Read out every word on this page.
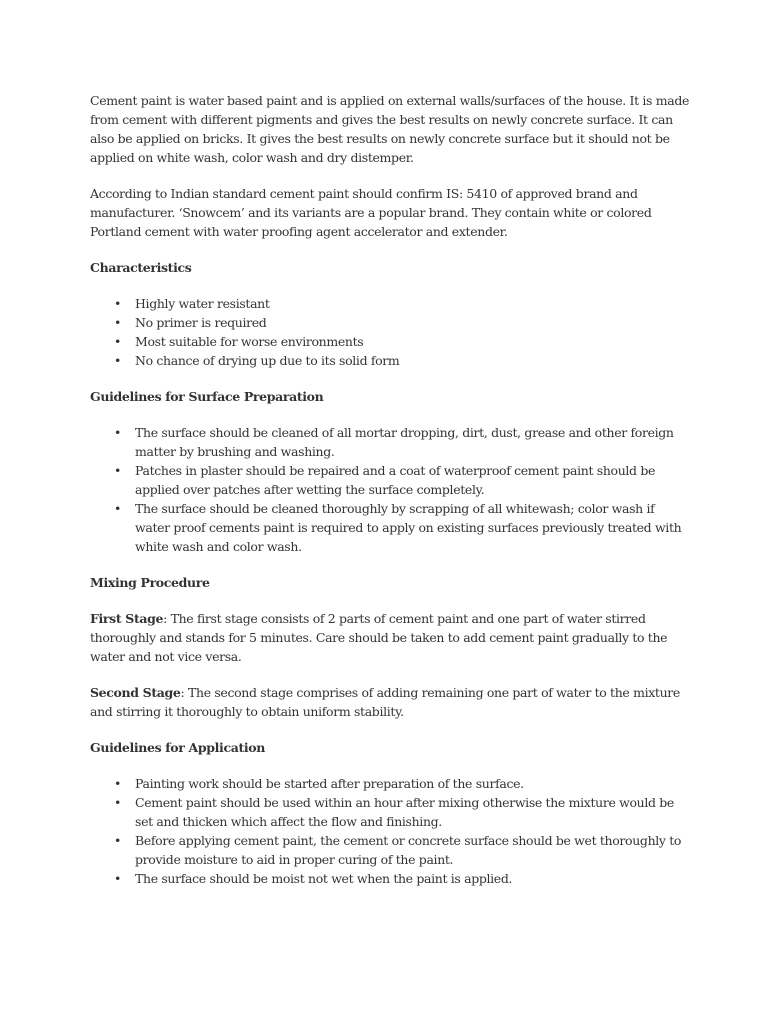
Cement paint is water based paint and is applied on external walls/surfaces of the house. It is made from cement with different pigments and gives the best results on newly concrete surface. It can also be applied on bricks. It gives the best results on newly concrete surface but it should not be applied on white wash, color wash and dry distemper.

According to Indian standard cement paint should confirm IS: 5410 of approved brand and manufacturer. ‘Snowcem’ and its variants are a popular brand. They contain white or colored Portland cement with water proofing agent accelerator and extender.

Characteristics
• Highly water resistant
• No primer is required
• Most suitable for worse environments
• No chance of drying up due to its solid form
Guidelines for Surface Preparation
• The surface should be cleaned of all mortar dropping, dirt, dust, grease and other foreign matter by brushing and washing.
• Patches in plaster should be repaired and a coat of waterproof cement paint should be applied over patches after wetting the surface completely.
• The surface should be cleaned thoroughly by scrapping of all whitewash; color wash if water proof cements paint is required to apply on existing surfaces previously treated with white wash and color wash.
Mixing Procedure

First Stage: The first stage consists of 2 parts of cement paint and one part of water stirred thoroughly and stands for 5 minutes. Care should be taken to add cement paint gradually to the water and not vice versa.

Second Stage: The second stage comprises of adding remaining one part of water to the mixture and stirring it thoroughly to obtain uniform stability.

Guidelines for Application
• Painting work should be started after preparation of the surface.
• Cement paint should be used within an hour after mixing otherwise the mixture would be set and thicken which affect the flow and finishing.
• Before applying cement paint, the cement or concrete surface should be wet thoroughly to provide moisture to aid in proper curing of the paint.
• The surface should be moist not wet when the paint is applied.
